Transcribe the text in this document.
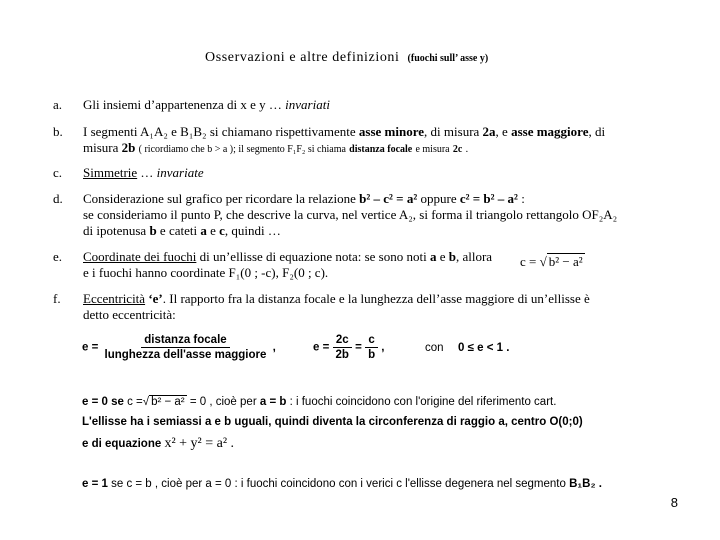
Osservazioni e altre definizioni (fuochi sull’ asse y)
a.	Gli insiemi d’appartenenza di x e y … invariati
b.	I segmenti A₁A₂ e B₁B₂ si chiamano rispettivamente asse minore, di misura 2a, e asse maggiore, di
misura 2b ( ricordiamo che b > a ); il segmento F₁F₂ si chiama distanza focale e misura 2c .
c.	Simmetrie … invariate
d.	Considerazione sul grafico per ricordare la relazione b² – c² = a² oppure c² = b² – a² :
se consideriamo il punto P, che descrive la curva, nel vertice A₂, si forma il triangolo rettangolo OF₂A₂
di ipotenusa b e cateti a e c, quindi …
e.	Coordinate dei fuochi di un’ellisse di equazione nota: se sono noti a e b, allora
e i fuochi hanno coordinate F₁(0 ; -c), F₂(0 ; c).
c = √ b² − a²
f.	Eccentricità ‘e’. Il rapporto fra la distanza focale e la lunghezza dell’asse maggiore di un’ellisse è
detto eccentricità:
$e = \frac{\text{distanza focale}}{\text{lunghezza dell'asse maggiore}}$ ,	$e = \frac{2c}{2b} = \frac{c}{b}$ ,	con 0 ≤ e < 1 .
e = 0 se c =√ b² − a² = 0 , cioè per a = b : i fuochi coincidono con l'origine del riferimento cart.
L'ellisse ha i semiassi a e b uguali, quindi diventa la circonferenza di raggio a, centro O(0;0)
e di equazione x² + y² = a² .
e = 1 se c = b , cioè per a = 0 : i fuochi coincidono con i verici c l'ellisse degenera nel segmento B₁B₂ .
8
